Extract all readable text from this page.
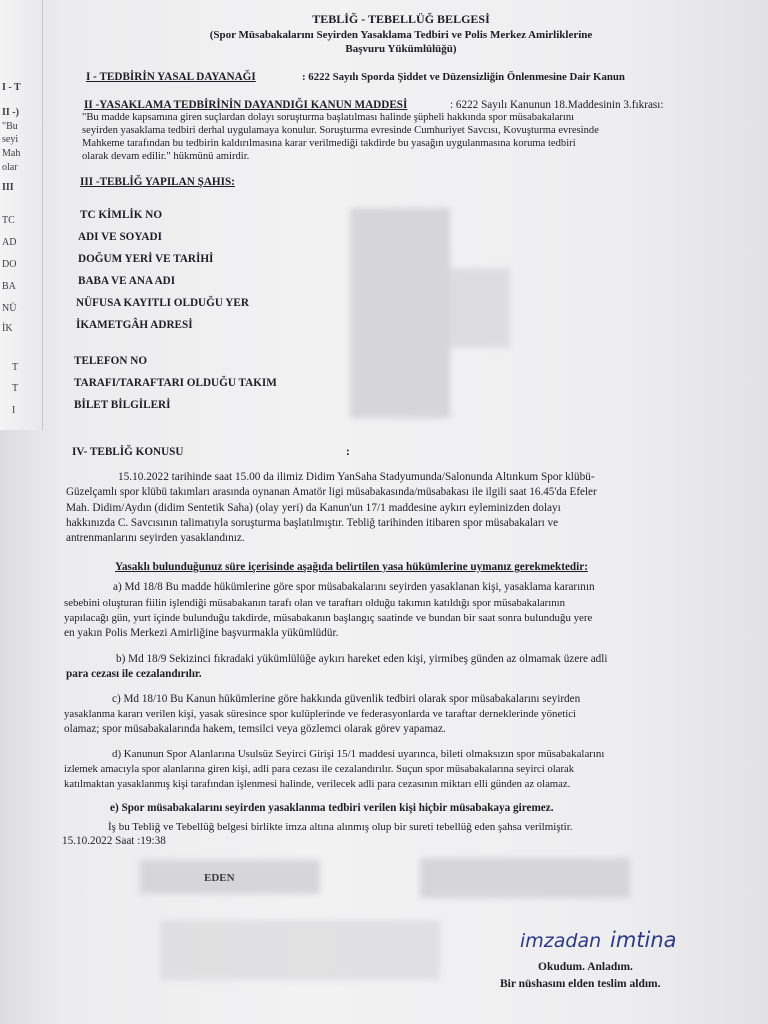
I - T
II -)
"Bu
seyi
Mah
olar
III
TC
AD
DO
BA
NÜ
İK
T
T
I
TEBLİĞ - TEBELLÜĞ BELGESİ
(Spor Müsabakalarını Seyirden Yasaklama Tedbiri ve Polis Merkez Amirliklerine
Başvuru Yükümlülüğü)
I - TEDBİRİN YASAL DAYANAĞI	: 6222 Sayılı Sporda Şiddet ve Düzensizliğin Önlenmesine Dair Kanun
II -YASAKLAMA TEDBİRİNİN DAYANDIĞI KANUN MADDESİ	: 6222 Sayılı Kanunun 18.Maddesinin 3.fıkrası:
"Bu madde kapsamına giren suçlardan dolayı soruşturma başlatılması halinde şüpheli hakkında spor müsabakalarını
seyirden yasaklama tedbiri derhal uygulamaya konulur. Soruşturma evresinde Cumhuriyet Savcısı, Kovuşturma evresinde
Mahkeme tarafından bu tedbirin kaldırılmasına karar verilmediği takdirde bu yasağın uygulanmasına koruma tedbiri
olarak devam edilir." hükmünü amirdir.
III -TEBLİĞ YAPILAN ŞAHIS:
TC KİMLİK NO
ADI VE SOYADI
DOĞUM YERİ VE TARİHİ
BABA VE ANA ADI
NÜFUSA KAYITLI OLDUĞU YER
İKAMETGÂH ADRESİ
TELEFON NO
TARAFI/TARAFTARI OLDUĞU TAKIM
BİLET BİLGİLERİ
IV- TEBLİĞ KONUSU	:
15.10.2022 tarihinde saat 15.00 da ilimiz Didim YanSaha Stadyumunda/Salonunda Altınkum Spor klübü-
Güzelçamlı spor klübü takımları arasında oynanan Amatör ligi müsabakasında/müsabakası ile ilgili saat 16.45'da Efeler
Mah. Didim/Aydın (didim Sentetik Saha) (olay yeri) da Kanun'un 17/1 maddesine aykırı eyleminizden dolayı
hakkınızda C. Savcısının talimatıyla soruşturma başlatılmıştır. Tebliğ tarihinden itibaren spor müsabakaları ve
antrenmanlarını seyirden yasaklandınız.
Yasaklı bulunduğunuz süre içerisinde aşağıda belirtilen yasa hükümlerine uymanız gerekmektedir:
a) Md 18/8 Bu madde hükümlerine göre spor müsabakalarını seyirden yasaklanan kişi, yasaklama kararının
sebebini oluşturan fiilin işlendiği müsabakanın tarafı olan ve taraftarı olduğu takımın katıldığı spor müsabakalarının
yapılacağı gün, yurt içinde bulunduğu takdirde, müsabakanın başlangıç saatinde ve bundan bir saat sonra bulunduğu yere
en yakın Polis Merkezi Amirliğine başvurmakla yükümlüdür.
b) Md 18/9 Sekizinci fıkradaki yükümlülüğe aykırı hareket eden kişi, yirmibeş günden az olmamak üzere adli
para cezası ile cezalandırılır.
c) Md 18/10 Bu Kanun hükümlerine göre hakkında güvenlik tedbiri olarak spor müsabakalarını seyirden
yasaklanma kararı verilen kişi, yasak süresince spor kulüplerinde ve federasyonlarda ve taraftar derneklerinde yönetici
olamaz; spor müsabakalarında hakem, temsilci veya gözlemci olarak görev yapamaz.
d) Kanunun Spor Alanlarına Usulsüz Seyirci Girişi 15/1 maddesi uyarınca, bileti olmaksızın spor müsabakalarını
izlemek amacıyla spor alanlarına giren kişi, adli para cezası ile cezalandırılır. Suçun spor müsabakalarına seyirci olarak
katılmaktan yasaklanmış kişi tarafından işlenmesi halinde, verilecek adli para cezasının miktarı elli günden az olamaz.
e) Spor müsabakalarını seyirden yasaklanma tedbiri verilen kişi hiçbir müsabakaya giremez.
İş bu Tebliğ ve Tebellüğ belgesi birlikte imza altına alınmış olup bir sureti tebellüğ eden şahsa verilmiştir.
15.10.2022 Saat :19:38
EDEN
imzadan imtina
Okudum. Anladım.
Bir nüshasını elden teslim aldım.
